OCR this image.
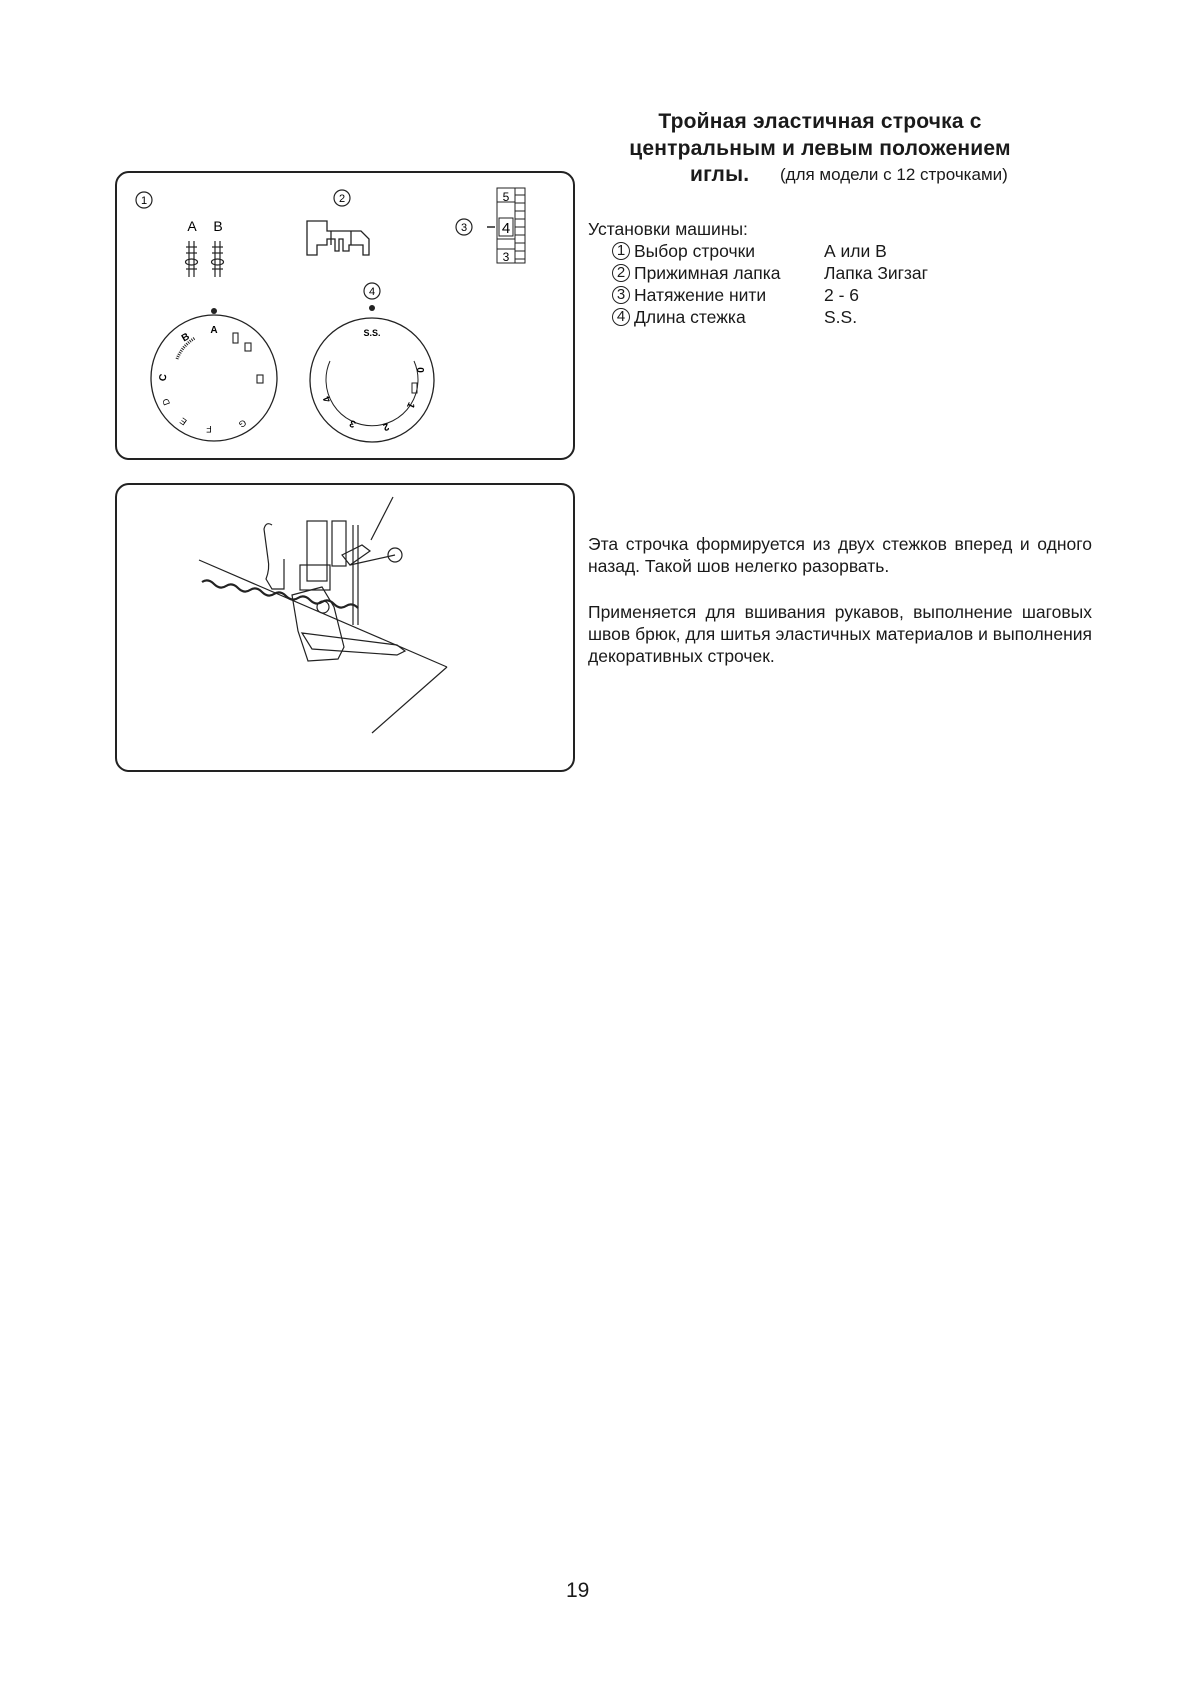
Тройная эластичная строчка с
центральным и левым положением
иглы. (для модели с 12 строчками)
1
A B
2
3
5
4
3
4
A
B
C
D
E
F	G
S.S.
0
1
2
3
4
Установки машины:
1 Выбор строчки	А или В
2 Прижимная лапка	Лапка Зигзаг
3 Натяжение нити	2 - 6
4 Длина стежка	S.S.
Эта строчка формируется из двух стежков вперед и одного назад. Такой шов нелегко разорвать.
Применяется для вшивания рукавов, выполнение шаговых швов брюк, для шитья эластичных материалов и выполнения декоративных строчек.
19
